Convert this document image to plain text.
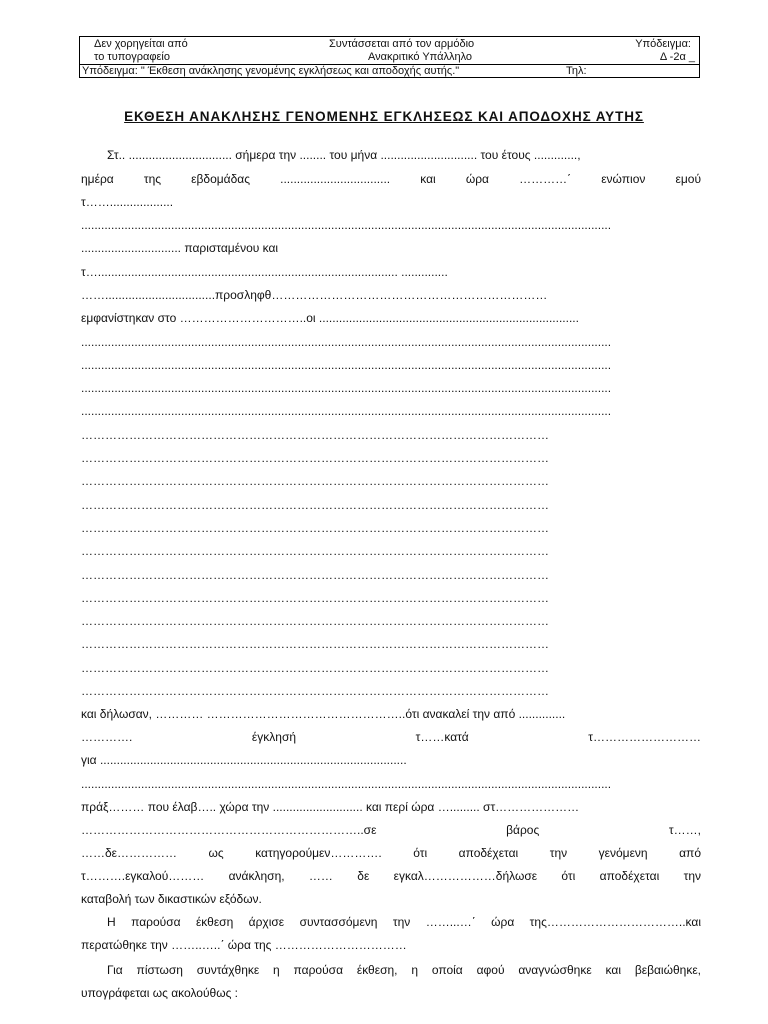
Δεν χορηγείται από
το τυπογραφείο
Συντάσσεται από τον αρμόδιο
Ανακριτικό Υπάλληλο
Υπόδειγμα:
Δ -2α _
Υπόδειγμα: " Έκθεση ανάκλησης γενομένης εγκλήσεως και αποδοχής αυτής."	Τηλ:
ΕΚΘΕΣΗ ΑΝΑΚΛΗΣΗΣ ΓΕΝΟΜΕΝΗΣ ΕΓΚΛΗΣΕΩΣ ΚΑΙ ΑΠΟΔΟΧΗΣ ΑΥΤΗΣ
Στ.. ............................... σήμερα την ........ του μήνα ............................. του έτους .............,
ημέρα της εβδομάδας ................................. και ώρα …………΄ ενώπιον εμού
τ……...................
...............................................................................................................................................................
.............................. παρισταμένου και
τ….......................................................................................... ..............
…….................................προσληφθ……………………………………………………………
εμφανίστηκαν στο …………………………..οι ..............................................................................
...............................................................................................................................................................
...............................................................................................................................................................
...............................................................................................................................................................
...............................................................................................................................................................
………………………………………………………………………………………………………
………………………………………………………………………………………………………
………………………………………………………………………………………………………
………………………………………………………………………………………………………
………………………………………………………………………………………………………
………………………………………………………………………………………………………
………………………………………………………………………………………………………
………………………………………………………………………………………………………
………………………………………………………………………………………………………
………………………………………………………………………………………………………
………………………………………………………………………………………………………
………………………………………………………………………………………………………
και δήλωσαν, ………… …………………………………………..ότι ανακαλεί την από ..............
…………. έγκλησή τ……κατά τ………………………
για ............................................................................................
...............................................................................................................................................................
πράξ……… που έλαβ….. χώρα την ........................... και περί ώρα …......... στ…………………
……………………………………………………………..σε βάρος τ……,
……δε…………… ως κατηγορούμεν…………. ότι αποδέχεται την γενόμενη από
τ……….εγκαλού……… ανάκληση, …… δε εγκαλ………………δήλωσε ότι αποδέχεται την
καταβολή των δικαστικών εξόδων.
Η παρούσα έκθεση άρχισε συντασσόμενη την ……...…΄ ώρα της……………………………..και
περατώθηκε την ……..…..΄ ώρα της ……………………………
Για πίστωση συντάχθηκε η παρούσα έκθεση, η οποία αφού αναγνώσθηκε και βεβαιώθηκε,
υπογράφεται ως ακολούθως :
